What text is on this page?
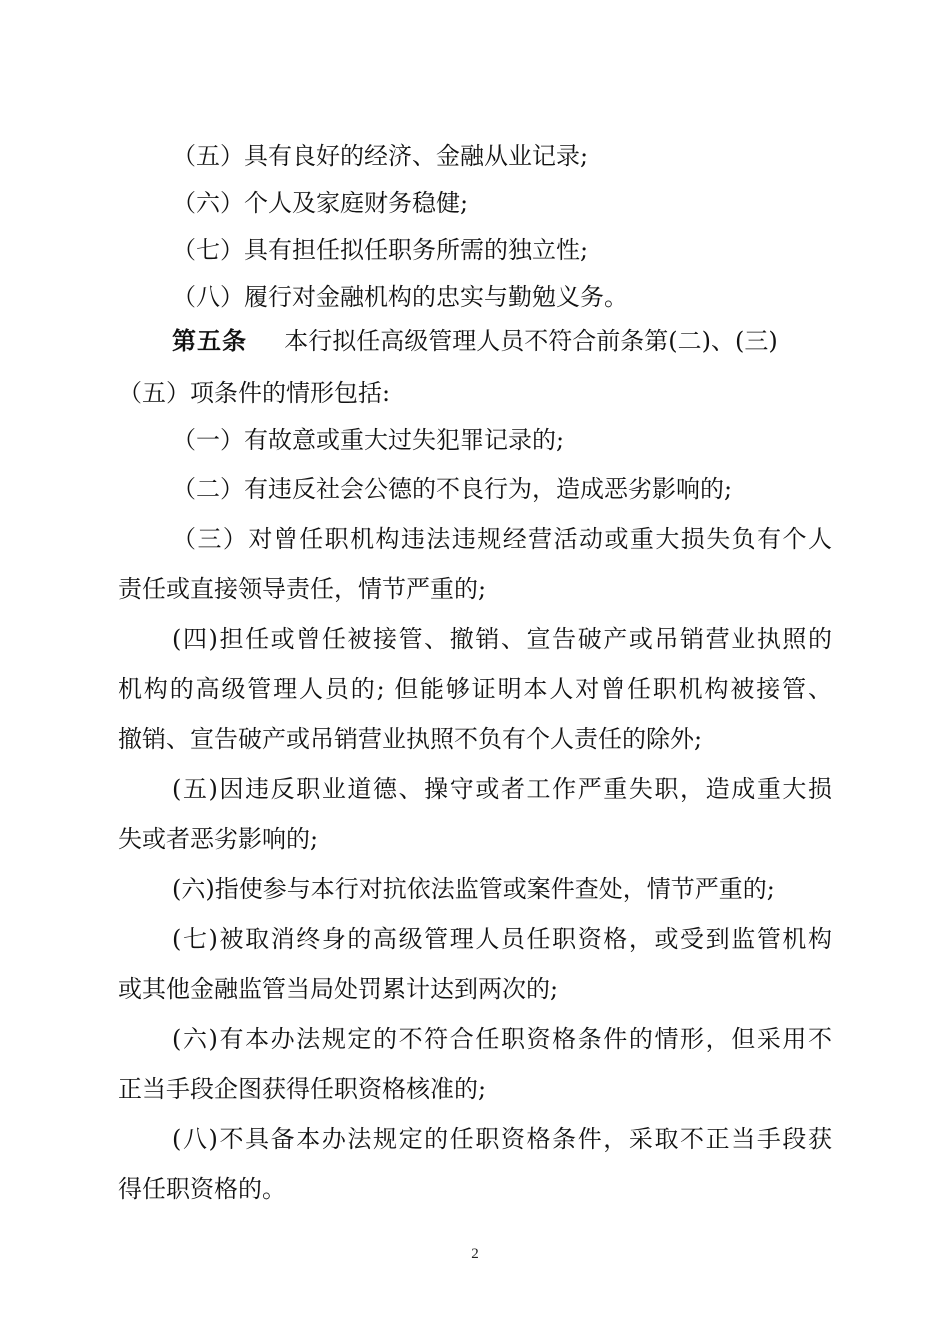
（五）具有良好的经济、金融从业记录;

（六）个人及家庭财务稳健;

（七）具有担任拟任职务所需的独立性;

（八）履行对金融机构的忠实与勤勉义务。

第五条 本行拟任高级管理人员不符合前条第(二)、(三)

（五）项条件的情形包括:

（一）有故意或重大过失犯罪记录的;

（二）有违反社会公德的不良行为，造成恶劣影响的;

（三）对曾任职机构违法违规经营活动或重大损失负有个人

责任或直接领导责任，情节严重的;

(四)担任或曾任被接管、撤销、宣告破产或吊销营业执照的

机构的高级管理人员的; 但能够证明本人对曾任职机构被接管、

撤销、宣告破产或吊销营业执照不负有个人责任的除外;

(五)因违反职业道德、操守或者工作严重失职，造成重大损

失或者恶劣影响的;

(六)指使参与本行对抗依法监管或案件查处，情节严重的;

(七)被取消终身的高级管理人员任职资格，或受到监管机构

或其他金融监管当局处罚累计达到两次的;

(六)有本办法规定的不符合任职资格条件的情形，但采用不

正当手段企图获得任职资格核准的;

(八)不具备本办法规定的任职资格条件，采取不正当手段获

得任职资格的。

2
